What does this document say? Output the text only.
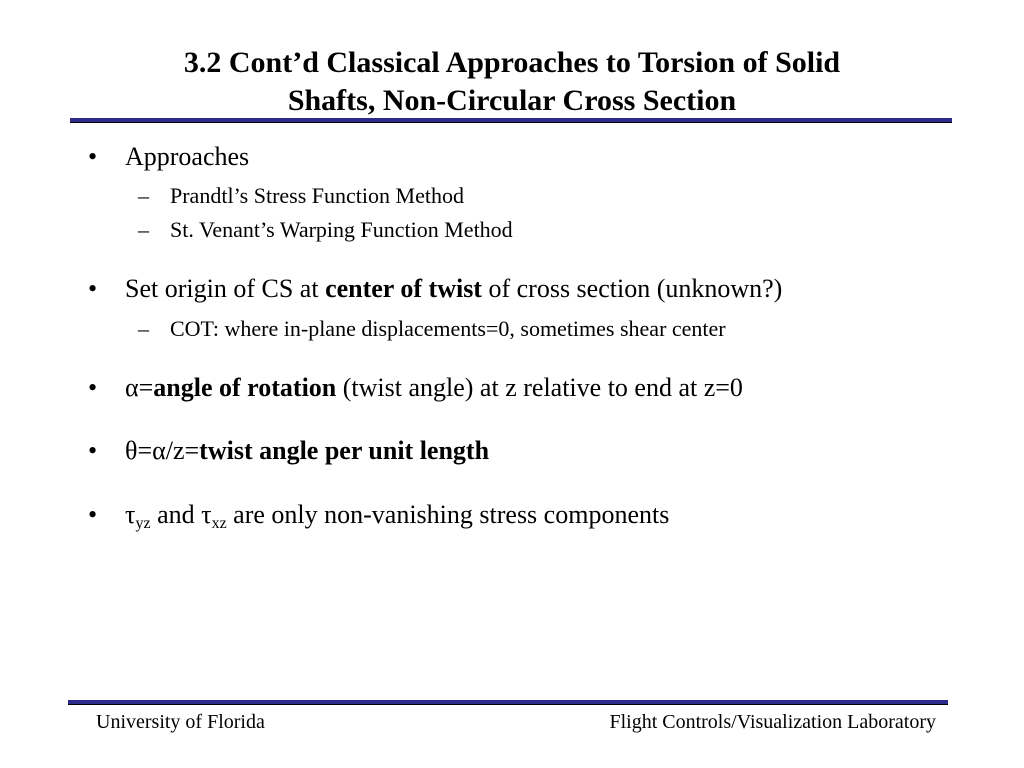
3.2 Cont’d Classical Approaches to Torsion of Solid
Shafts, Non-Circular Cross Section
• Approaches
– Prandtl’s Stress Function Method
– St. Venant’s Warping Function Method
• Set origin of CS at center of twist of cross section (unknown?)
– COT: where in-plane displacements=0, sometimes shear center
• α=angle of rotation (twist angle) at z relative to end at z=0
• θ=α/z=twist angle per unit length
• $\tau_{yz}$ and $\tau_{xz}$ are only non-vanishing stress components
University of Florida	Flight Controls/Visualization Laboratory
